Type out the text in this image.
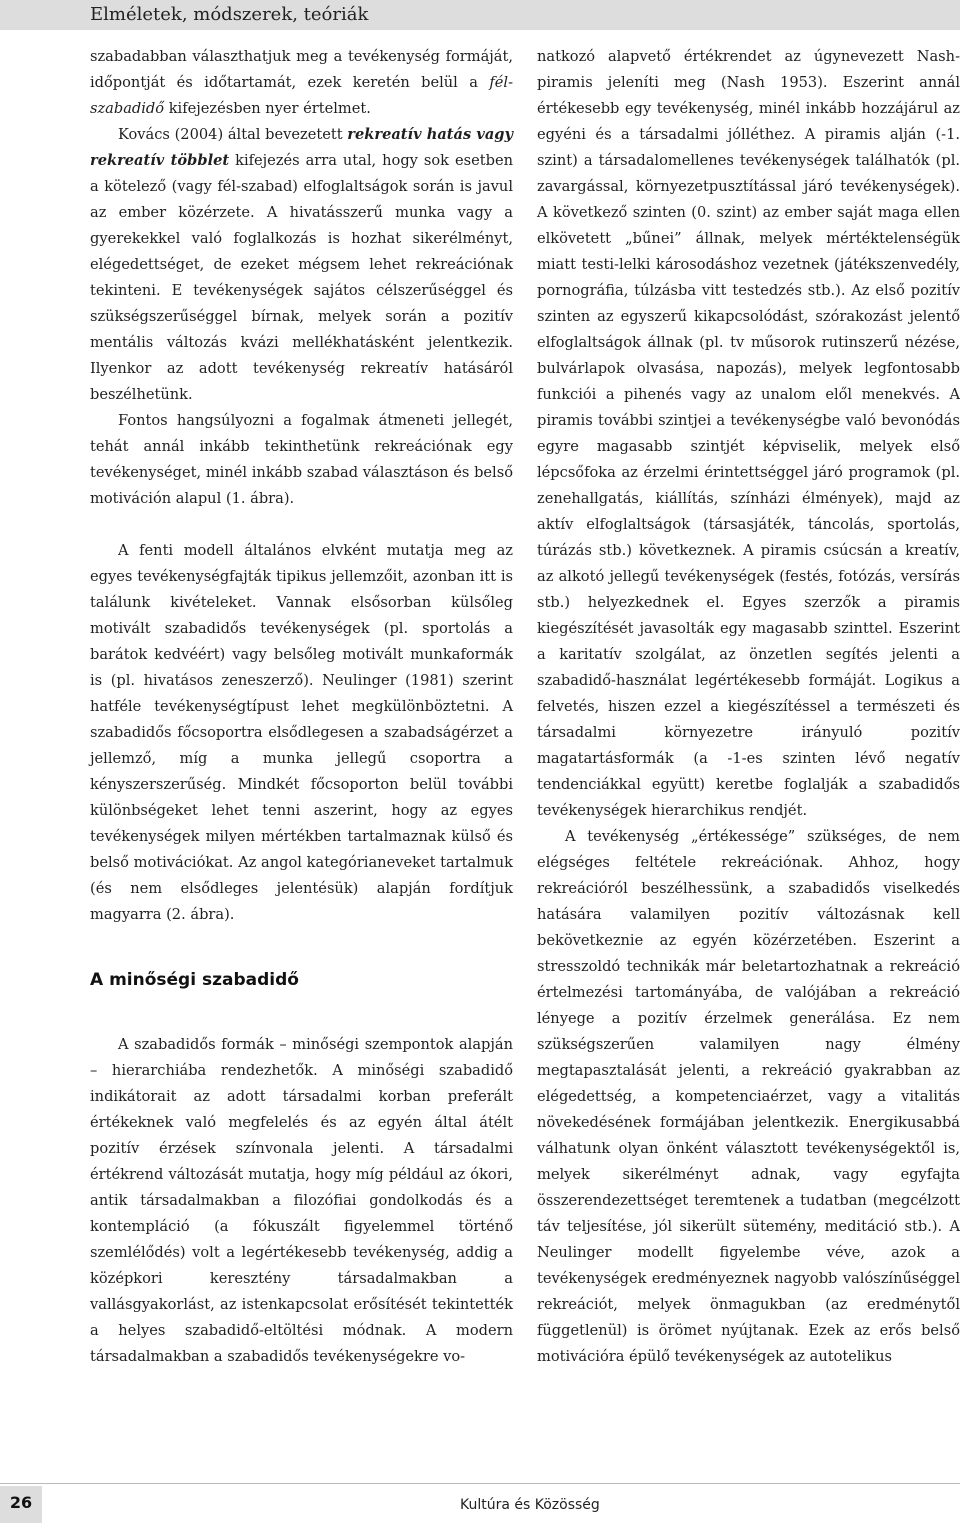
Elméletek, módszerek, teóriák

szabadabban választhatjuk meg a tevékenység formáját, időpontját és időtartamát, ezek keretén belül a fél-szabadidő kifejezésben nyer értelmet.

Kovács (2004) által bevezetett rekreatív hatás vagy rekreatív többlet kifejezés arra utal, hogy sok esetben a kötelező (vagy fél-szabad) elfoglaltságok során is javul az ember közérzete. A hivatásszerű munka vagy a gyerekekkel való foglalkozás is hozhat sikerélményt, elégedettséget, de ezeket mégsem lehet rekreációnak tekinteni. E tevékenységek sajátos célszerűséggel és szükségszerűséggel bírnak, melyek során a pozitív mentális változás kvázi mellékhatásként jelentkezik. Ilyenkor az adott tevékenység rekreatív hatásáról beszélhetünk.

Fontos hangsúlyozni a fogalmak átmeneti jellegét, tehát annál inkább tekinthetünk rekreációnak egy tevékenységet, minél inkább szabad választáson és belső motiváción alapul (1. ábra).

A fenti modell általános elvként mutatja meg az egyes tevékenységfajták tipikus jellemzőit, azonban itt is találunk kivételeket. Vannak elsősorban külsőleg motivált szabadidős tevékenységek (pl. sportolás a barátok kedvéért) vagy belsőleg motivált munkaformák is (pl. hivatásos zeneszerző). Neulinger (1981) szerint hatféle tevékenységtípust lehet megkülönböztetni. A szabadidős főcsoportra elsődlegesen a szabadságérzet a jellemző, míg a munka jellegű csoportra a kényszerszerűség. Mindkét főcsoporton belül további különbségeket lehet tenni aszerint, hogy az egyes tevékenységek milyen mértékben tartalmaznak külső és belső motivációkat. Az angol kategórianeveket tartalmuk (és nem elsődleges jelentésük) alapján fordítjuk magyarra (2. ábra).

A minőségi szabadidő

A szabadidős formák – minőségi szempontok alapján – hierarchiába rendezhetők. A minőségi szabadidő indikátorait az adott társadalmi korban preferált értékeknek való megfelelés és az egyén által átélt pozitív érzések színvonala jelenti. A társadalmi értékrend változását mutatja, hogy míg például az ókori, antik társadalmakban a filozófiai gondolkodás és a kontempláció (a fókuszált figyelemmel történő szemlélődés) volt a legértékesebb tevékenység, addig a középkori keresztény társadalmakban a vallásgyakorlást, az istenkapcsolat erősítését tekintették a helyes szabadidő-eltöltési módnak. A modern társadalmakban a szabadidős tevékenységekre vo-

natkozó alapvető értékrendet az úgynevezett Nash-piramis jeleníti meg (Nash 1953). Eszerint annál értékesebb egy tevékenység, minél inkább hozzájárul az egyéni és a társadalmi jólléthez. A piramis alján (-1. szint) a társadalomellenes tevékenységek találhatók (pl. zavargással, környezetpusztítással járó tevékenységek). A következő szinten (0. szint) az ember saját maga ellen elkövetett „bűnei” állnak, melyek mértéktelenségük miatt testi-lelki károsodáshoz vezetnek (játékszenvedély, pornográfia, túlzásba vitt testedzés stb.). Az első pozitív szinten az egyszerű kikapcsolódást, szórakozást jelentő elfoglaltságok állnak (pl. tv műsorok rutinszerű nézése, bulvárlapok olvasása, napozás), melyek legfontosabb funkciói a pihenés vagy az unalom elől menekvés. A piramis további szintjei a tevékenységbe való bevonódás egyre magasabb szintjét képviselik, melyek első lépcsőfoka az érzelmi érintettséggel járó programok (pl. zenehallgatás, kiállítás, színházi élmények), majd az aktív elfoglaltságok (társasjáték, táncolás, sportolás, túrázás stb.) következnek. A piramis csúcsán a kreatív, az alkotó jellegű tevékenységek (festés, fotózás, versírás stb.) helyezkednek el. Egyes szerzők a piramis kiegészítését javasolták egy magasabb szinttel. Eszerint a karitatív szolgálat, az önzetlen segítés jelenti a szabadidő-használat legértékesebb formáját. Logikus a felvetés, hiszen ezzel a kiegészítéssel a természeti és társadalmi környezetre irányuló pozitív magatartásformák (a -1-es szinten lévő negatív tendenciákkal együtt) keretbe foglalják a szabadidős tevékenységek hierarchikus rendjét.

A tevékenység „értékessége” szükséges, de nem elégséges feltétele rekreációnak. Ahhoz, hogy rekreációról beszélhessünk, a szabadidős viselkedés hatására valamilyen pozitív változásnak kell bekövetkeznie az egyén közérzetében. Eszerint a stresszoldó technikák már beletartozhatnak a rekreáció értelmezési tartományába, de valójában a rekreáció lényege a pozitív érzelmek generálása. Ez nem szükségszerűen valamilyen nagy élmény megtapasztalását jelenti, a rekreáció gyakrabban az elégedettség, a kompetenciaérzet, vagy a vitalitás növekedésének formájában jelentkezik. Energikusabbá válhatunk olyan önként választott tevékenységektől is, melyek sikerélményt adnak, vagy egyfajta összerendezettséget teremtenek a tudatban (megcélzott táv teljesítése, jól sikerült sütemény, meditáció stb.). A Neulinger modellt figyelembe véve, azok a tevékenységek eredményeznek nagyobb valószínűséggel rekreációt, melyek önmagukban (az eredménytől függetlenül) is örömet nyújtanak. Ezek az erős belső motivációra épülő tevékenységek az autotelikus

26	Kultúra és Közösség
